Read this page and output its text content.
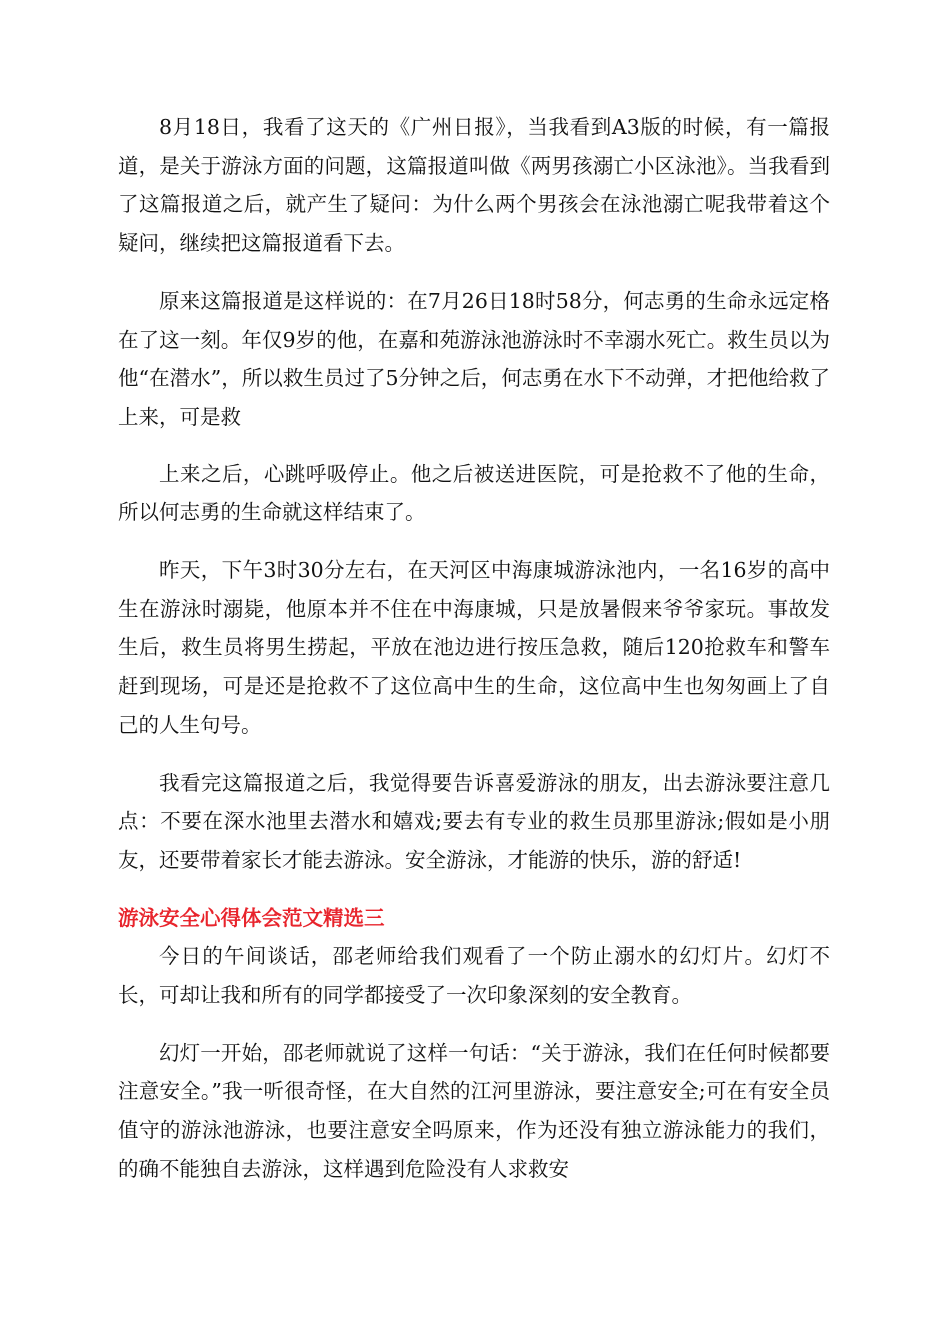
8月18日，我看了这天的《广州日报》，当我看到A3版的时候，有一篇报道，是关于游泳方面的问题，这篇报道叫做《两男孩溺亡小区泳池》。当我看到了这篇报道之后，就产生了疑问：为什么两个男孩会在泳池溺亡呢我带着这个疑问，继续把这篇报道看下去。

原来这篇报道是这样说的：在7月26日18时58分，何志勇的生命永远定格在了这一刻。年仅9岁的他，在嘉和苑游泳池游泳时不幸溺水死亡。救生员以为他“在潜水”，所以救生员过了5分钟之后，何志勇在水下不动弹，才把他给救了上来，可是救

上来之后，心跳呼吸停止。他之后被送进医院，可是抢救不了他的生命，所以何志勇的生命就这样结束了。

昨天，下午3时30分左右，在天河区中海康城游泳池内，一名16岁的高中生在游泳时溺毙，他原本并不住在中海康城，只是放暑假来爷爷家玩。事故发生后，救生员将男生捞起，平放在池边进行按压急救，随后120抢救车和警车赶到现场，可是还是抢救不了这位高中生的生命，这位高中生也匆匆画上了自己的人生句号。

我看完这篇报道之后，我觉得要告诉喜爱游泳的朋友，出去游泳要注意几点：不要在深水池里去潜水和嬉戏;要去有专业的救生员那里游泳;假如是小朋友，还要带着家长才能去游泳。安全游泳，才能游的快乐，游的舒适!

游泳安全心得体会范文精选三

今日的午间谈话，邵老师给我们观看了一个防止溺水的幻灯片。幻灯不长，可却让我和所有的同学都接受了一次印象深刻的安全教育。

幻灯一开始，邵老师就说了这样一句话：“关于游泳，我们在任何时候都要注意安全。”我一听很奇怪，在大自然的江河里游泳，要注意安全;可在有安全员值守的游泳池游泳，也要注意安全吗原来，作为还没有独立游泳能力的我们，的确不能独自去游泳，这样遇到危险没有人求救安
